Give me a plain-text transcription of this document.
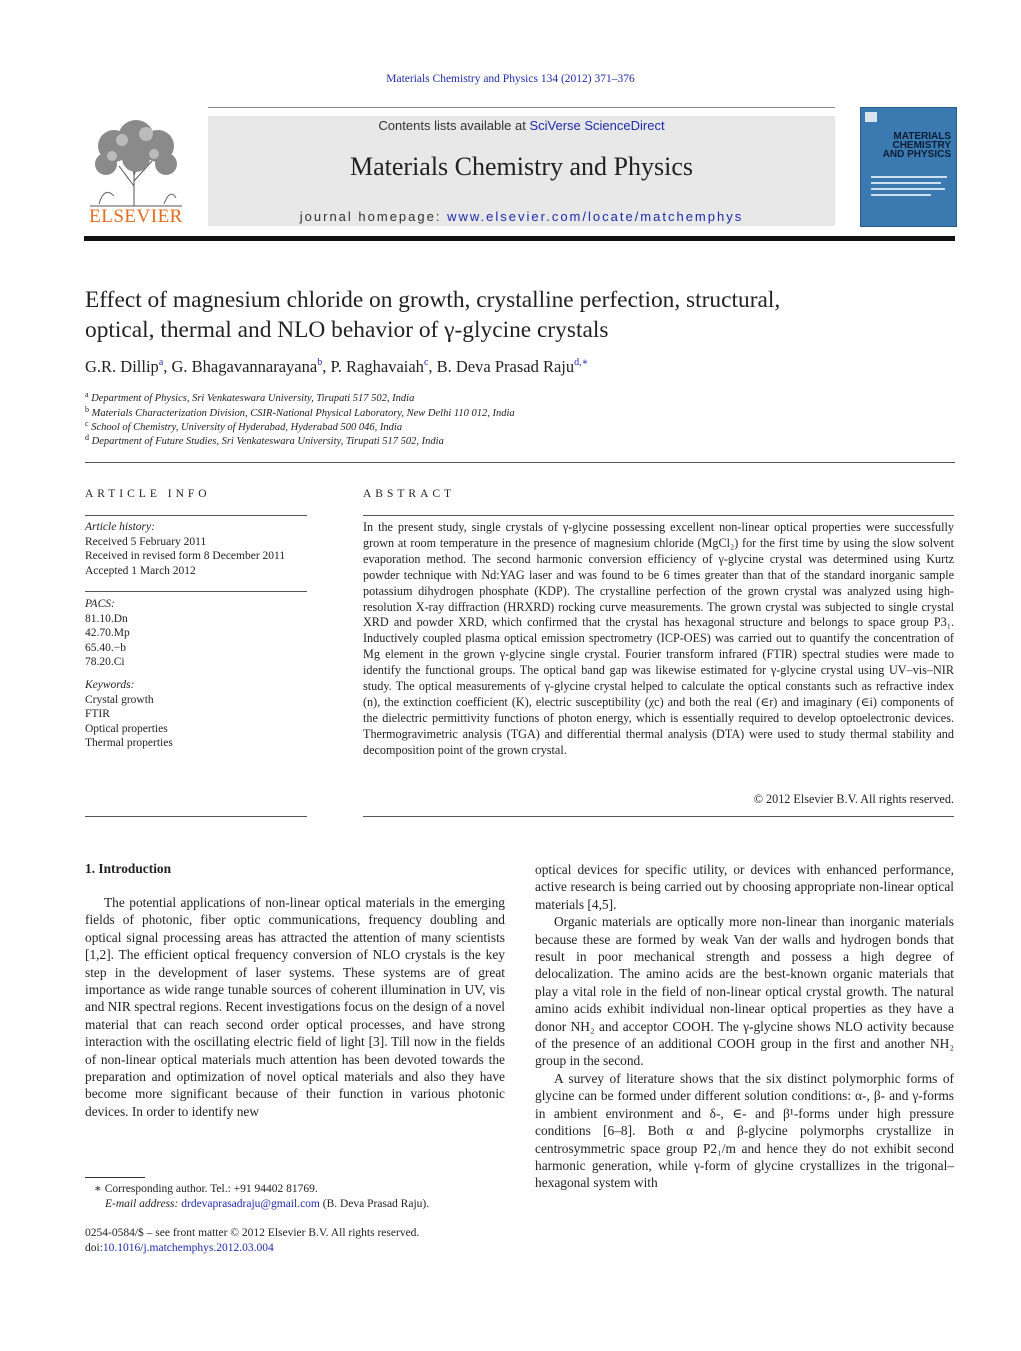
Materials Chemistry and Physics 134 (2012) 371–376
ELSEVIER
Contents lists available at SciVerse ScienceDirect
Materials Chemistry and Physics
journal homepage: www.elsevier.com/locate/matchemphys
MATERIALS CHEMISTRY AND PHYSICS
Effect of magnesium chloride on growth, crystalline perfection, structural,
optical, thermal and NLO behavior of γ-glycine crystals
G.R. Dillip$^a$, G. Bhagavannarayana$^b$, P. Raghavaiah$^c$, B. Deva Prasad Raju$^{d,∗}$
$^a$ Department of Physics, Sri Venkateswara University, Tirupati 517 502, India
$^b$ Materials Characterization Division, CSIR-National Physical Laboratory, New Delhi 110 012, India
$^c$ School of Chemistry, University of Hyderabad, Hyderabad 500 046, India
$^d$ Department of Future Studies, Sri Venkateswara University, Tirupati 517 502, India
ARTICLE INFO
Article history:
Received 5 February 2011
Received in revised form 8 December 2011
Accepted 1 March 2012
PACS:
81.10.Dn
42.70.Mp
65.40.−b
78.20.Ci
Keywords:
Crystal growth
FTIR
Optical properties
Thermal properties
ABSTRACT
In the present study, single crystals of γ-glycine possessing excellent non-linear optical properties were successfully grown at room temperature in the presence of magnesium chloride (MgCl₂) for the first time by using the slow solvent evaporation method. The second harmonic conversion efficiency of γ-glycine crystal was determined using Kurtz powder technique with Nd:YAG laser and was found to be 6 times greater than that of the standard inorganic sample potassium dihydrogen phosphate (KDP). The crystalline perfection of the grown crystal was analyzed using high-resolution X-ray diffraction (HRXRD) rocking curve measurements. The grown crystal was subjected to single crystal XRD and powder XRD, which confirmed that the crystal has hexagonal structure and belongs to space group P3₁. Inductively coupled plasma optical emission spectrometry (ICP-OES) was carried out to quantify the concentration of Mg element in the grown γ-glycine single crystal. Fourier transform infrared (FTIR) spectral studies were made to identify the functional groups. The optical band gap was likewise estimated for γ-glycine crystal using UV–vis–NIR study. The optical measurements of γ-glycine crystal helped to calculate the optical constants such as refractive index (n), the extinction coefficient (K), electric susceptibility (χc) and both the real (∈r) and imaginary (∈i) components of the dielectric permittivity functions of photon energy, which is essentially required to develop optoelectronic devices. Thermogravimetric analysis (TGA) and differential thermal analysis (DTA) were used to study thermal stability and decomposition point of the grown crystal.
© 2012 Elsevier B.V. All rights reserved.
1. Introduction

The potential applications of non-linear optical materials in the emerging fields of photonic, fiber optic communications, frequency doubling and optical signal processing areas has attracted the attention of many scientists [1,2]. The efficient optical frequency conversion of NLO crystals is the key step in the development of laser systems. These systems are of great importance as wide range tunable sources of coherent illumination in UV, vis and NIR spectral regions. Recent investigations focus on the design of a novel material that can reach second order optical processes, and have strong interaction with the oscillating electric field of light [3]. Till now in the fields of non-linear optical materials much attention has been devoted towards the preparation and optimization of novel optical materials and also they have become more significant because of their function in various photonic devices. In order to identify new

optical devices for specific utility, or devices with enhanced performance, active research is being carried out by choosing appropriate non-linear optical materials [4,5].

Organic materials are optically more non-linear than inorganic materials because these are formed by weak Van der walls and hydrogen bonds that result in poor mechanical strength and possess a high degree of delocalization. The amino acids are the best-known organic materials that play a vital role in the field of non-linear optical crystal growth. The natural amino acids exhibit individual non-linear optical properties as they have a donor NH₂ and acceptor COOH. The γ-glycine shows NLO activity because of the presence of an additional COOH group in the first and another NH₂ group in the second.

A survey of literature shows that the six distinct polymorphic forms of glycine can be formed under different solution conditions: α-, β- and γ-forms in ambient environment and δ-, ∈- and β¹-forms under high pressure conditions [6–8]. Both α and β-glycine polymorphs crystallize in centrosymmetric space group P2₁/m and hence they do not exhibit second harmonic generation, while γ-form of glycine crystallizes in the trigonal–hexagonal system with

∗ Corresponding author. Tel.: +91 94402 81769.
E-mail address: drdevaprasadraju@gmail.com (B. Deva Prasad Raju).
0254-0584/$ – see front matter © 2012 Elsevier B.V. All rights reserved.
doi:10.1016/j.matchemphys.2012.03.004
